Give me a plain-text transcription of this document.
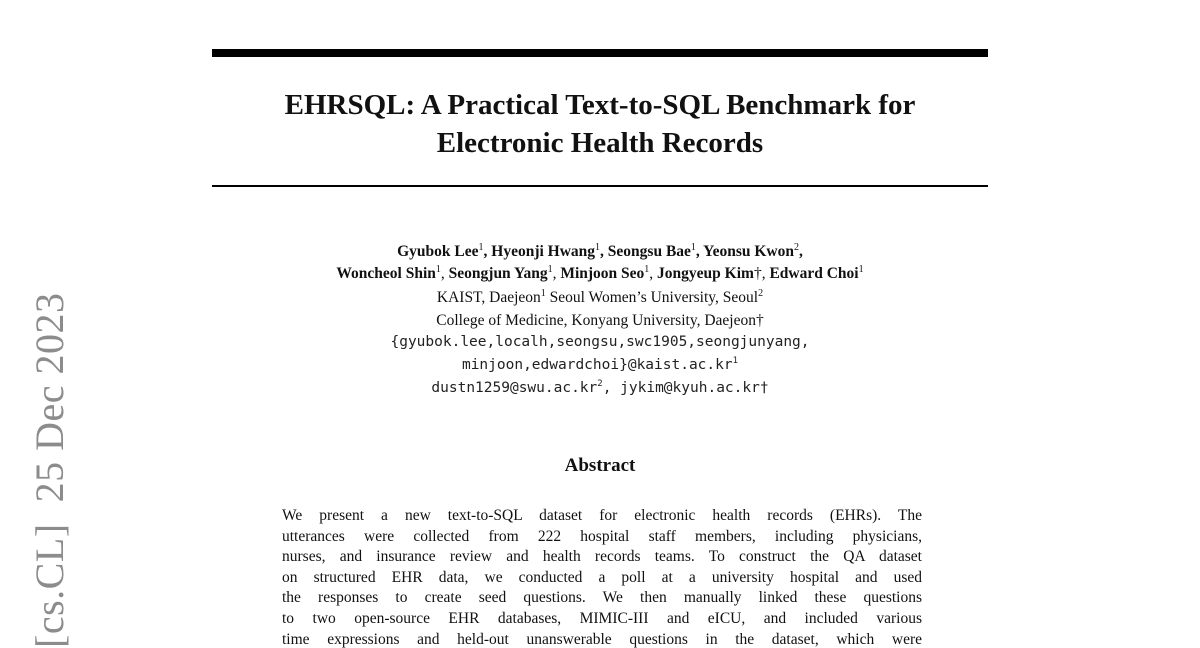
EHRSQL: A Practical Text-to-SQL Benchmark for
Electronic Health Records
Gyubok Lee$^1$, Hyeonji Hwang$^1$, Seongsu Bae$^1$, Yeonsu Kwon$^2$,
Woncheol Shin$^1$, Seongjun Yang$^1$, Minjoon Seo$^1$, Jongyeup Kim†, Edward Choi$^1$
KAIST, Daejeon$^1$ Seoul Women’s University, Seoul$^2$
College of Medicine, Konyang University, Daejeon†
{gyubok.lee,localh,seongsu,swc1905,seongjunyang,
$minjoon,edwardchoi\}@kaist.ac.kr^1$
$dustn1259@swu.ac.kr^2$, jykim@kyuh.ac.kr†
Abstract
We present a new text-to-SQL dataset for electronic health records (EHRs). The
utterances were collected from 222 hospital staff members, including physicians,
nurses, and insurance review and health records teams. To construct the QA dataset
on structured EHR data, we conducted a poll at a university hospital and used
the responses to create seed questions. We then manually linked these questions
to two open-source EHR databases, MIMIC-III and eICU, and included various
time expressions and held-out unanswerable questions in the dataset, which were
[cs.CL]  25 Dec 2023
